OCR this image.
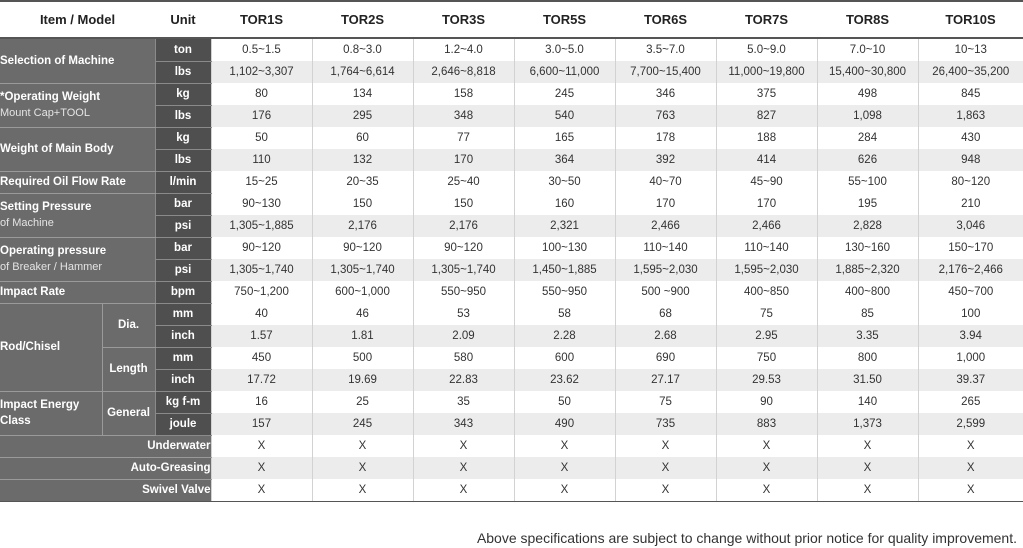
Item / Model		Unit	TOR1S	TOR2S	TOR3S	TOR5S	TOR6S	TOR7S	TOR8S	TOR10S
Selection of Machine		ton	0.5~1.5	0.8~3.0	1.2~4.0	3.0~5.0	3.5~7.0	5.0~9.0	7.0~10	10~13
		lbs	1,102~3,307	1,764~6,614	2,646~8,818	6,600~11,000	7,700~15,400	11,000~19,800	15,400~30,800	26,400~35,200
*Operating Weight
Mount Cap+TOOL		kg	80	134	158	245	346	375	498	845
		lbs	176	295	348	540	763	827	1,098	1,863
Weight of Main Body		kg	50	60	77	165	178	188	284	430
		lbs	110	132	170	364	392	414	626	948
Required Oil Flow Rate		l/min	15~25	20~35	25~40	30~50	40~70	45~90	55~100	80~120
Setting Pressure
of Machine		bar	90~130	150	150	160	170	170	195	210
		psi	1,305~1,885	2,176	2,176	2,321	2,466	2,466	2,828	3,046
Operating pressure
of Breaker / Hammer		bar	90~120	90~120	90~120	100~130	110~140	110~140	130~160	150~170
		psi	1,305~1,740	1,305~1,740	1,305~1,740	1,450~1,885	1,595~2,030	1,595~2,030	1,885~2,320	2,176~2,466
Impact Rate		bpm	750~1,200	600~1,000	550~950	550~950	500 ~900	400~850	400~800	450~700
Rod/Chisel	Dia.	mm	40	46	53	58	68	75	85	100
		inch	1.57	1.81	2.09	2.28	2.68	2.95	3.35	3.94
	Length	mm	450	500	580	600	690	750	800	1,000
		inch	17.72	19.69	22.83	23.62	27.17	29.53	31.50	39.37
Impact Energy Class	General	kg f-m	16	25	35	50	75	90	140	265
		joule	157	245	343	490	735	883	1,373	2,599
Underwater			X	X	X	X	X	X	X	X
Auto-Greasing			X	X	X	X	X	X	X	X
Swivel Valve			X	X	X	X	X	X	X	X
Above specifications are subject to change without prior notice for quality improvement.
